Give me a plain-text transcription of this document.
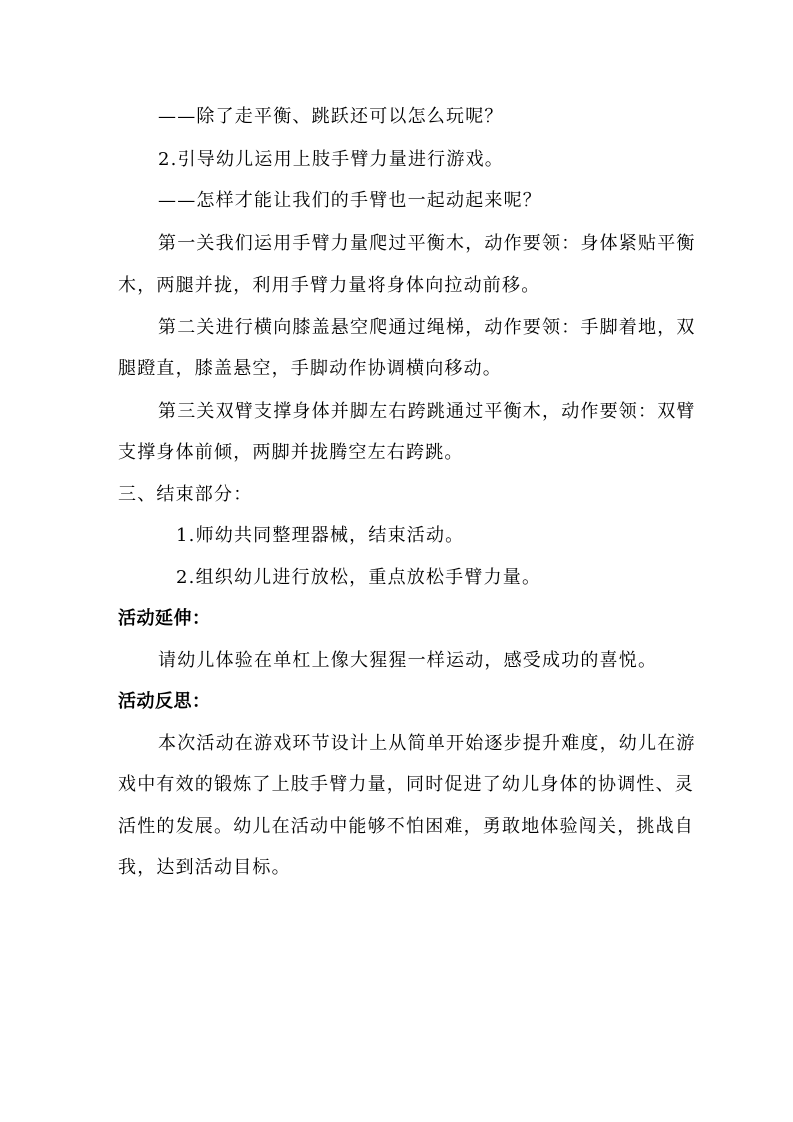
——除了走平衡、跳跃还可以怎么玩呢？
2.引导幼儿运用上肢手臂力量进行游戏。
——怎样才能让我们的手臂也一起动起来呢？
第一关我们运用手臂力量爬过平衡木，动作要领：身体紧贴平衡
木，两腿并拢，利用手臂力量将身体向拉动前移。
第二关进行横向膝盖悬空爬通过绳梯，动作要领：手脚着地，双
腿蹬直，膝盖悬空，手脚动作协调横向移动。
第三关双臂支撑身体并脚左右跨跳通过平衡木，动作要领：双臂
支撑身体前倾，两脚并拢腾空左右跨跳。
三、结束部分：
1.师幼共同整理器械，结束活动。
2.组织幼儿进行放松，重点放松手臂力量。
活动延伸：
请幼儿体验在单杠上像大猩猩一样运动，感受成功的喜悦。
活动反思：
本次活动在游戏环节设计上从简单开始逐步提升难度，幼儿在游
戏中有效的锻炼了上肢手臂力量，同时促进了幼儿身体的协调性、灵
活性的发展。幼儿在活动中能够不怕困难，勇敢地体验闯关，挑战自
我，达到活动目标。
